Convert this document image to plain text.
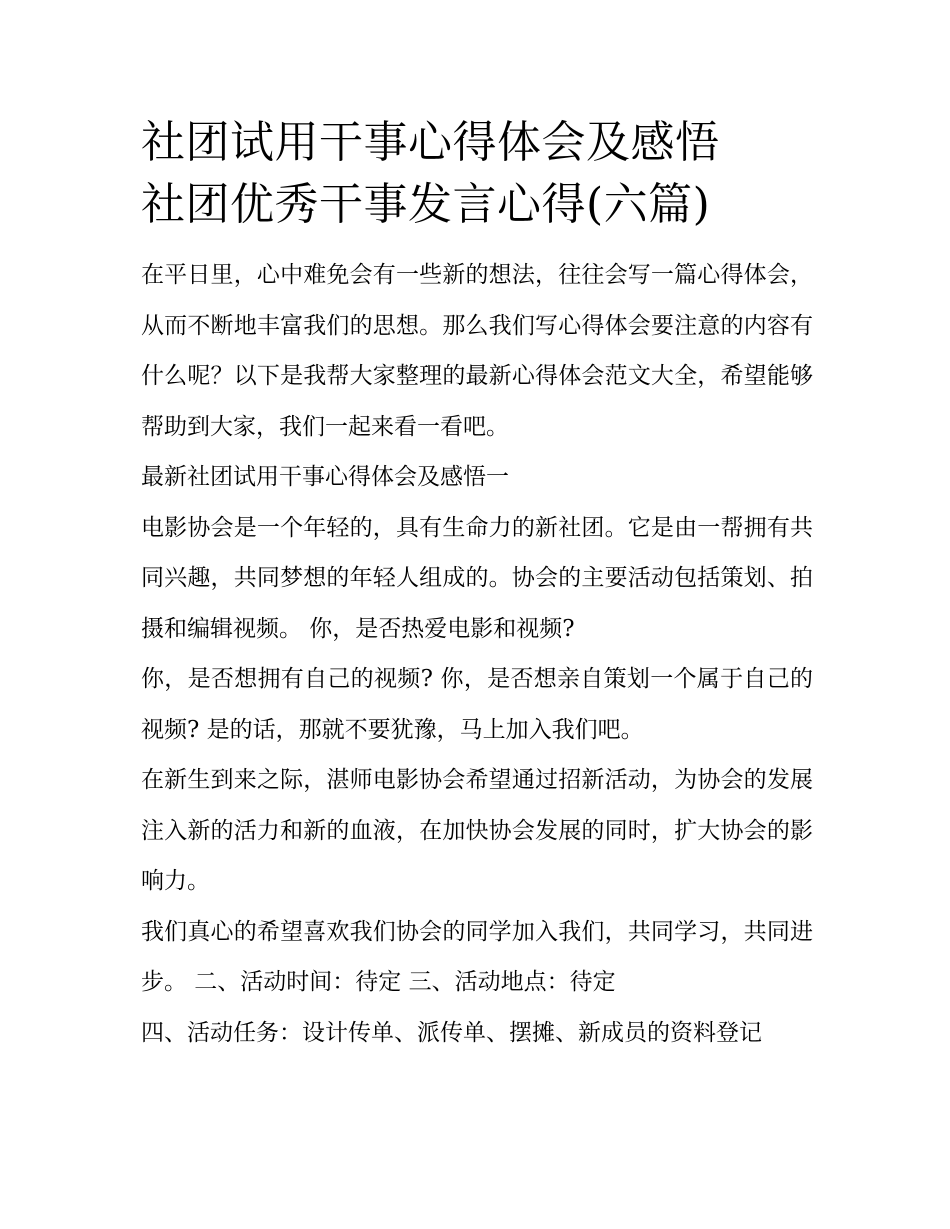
社团试用干事心得体会及感悟
社团优秀干事发言心得(六篇)

在平日里，心中难免会有一些新的想法，往往会写一篇心得体会，从而不断地丰富我们的思想。那么我们写心得体会要注意的内容有什么呢？以下是我帮大家整理的最新心得体会范文大全，希望能够帮助到大家，我们一起来看一看吧。

最新社团试用干事心得体会及感悟一

电影协会是一个年轻的，具有生命力的新社团。它是由一帮拥有共同兴趣，共同梦想的年轻人组成的。协会的主要活动包括策划、拍摄和编辑视频。 你，是否热爱电影和视频?

你，是否想拥有自己的视频? 你，是否想亲自策划一个属于自己的视频? 是的话，那就不要犹豫，马上加入我们吧。

在新生到来之际，湛师电影协会希望通过招新活动，为协会的发展注入新的活力和新的血液，在加快协会发展的同时，扩大协会的影响力。

我们真心的希望喜欢我们协会的同学加入我们，共同学习，共同进步。 二、活动时间：待定 三、活动地点：待定

四、活动任务：设计传单、派传单、摆摊、新成员的资料登记
